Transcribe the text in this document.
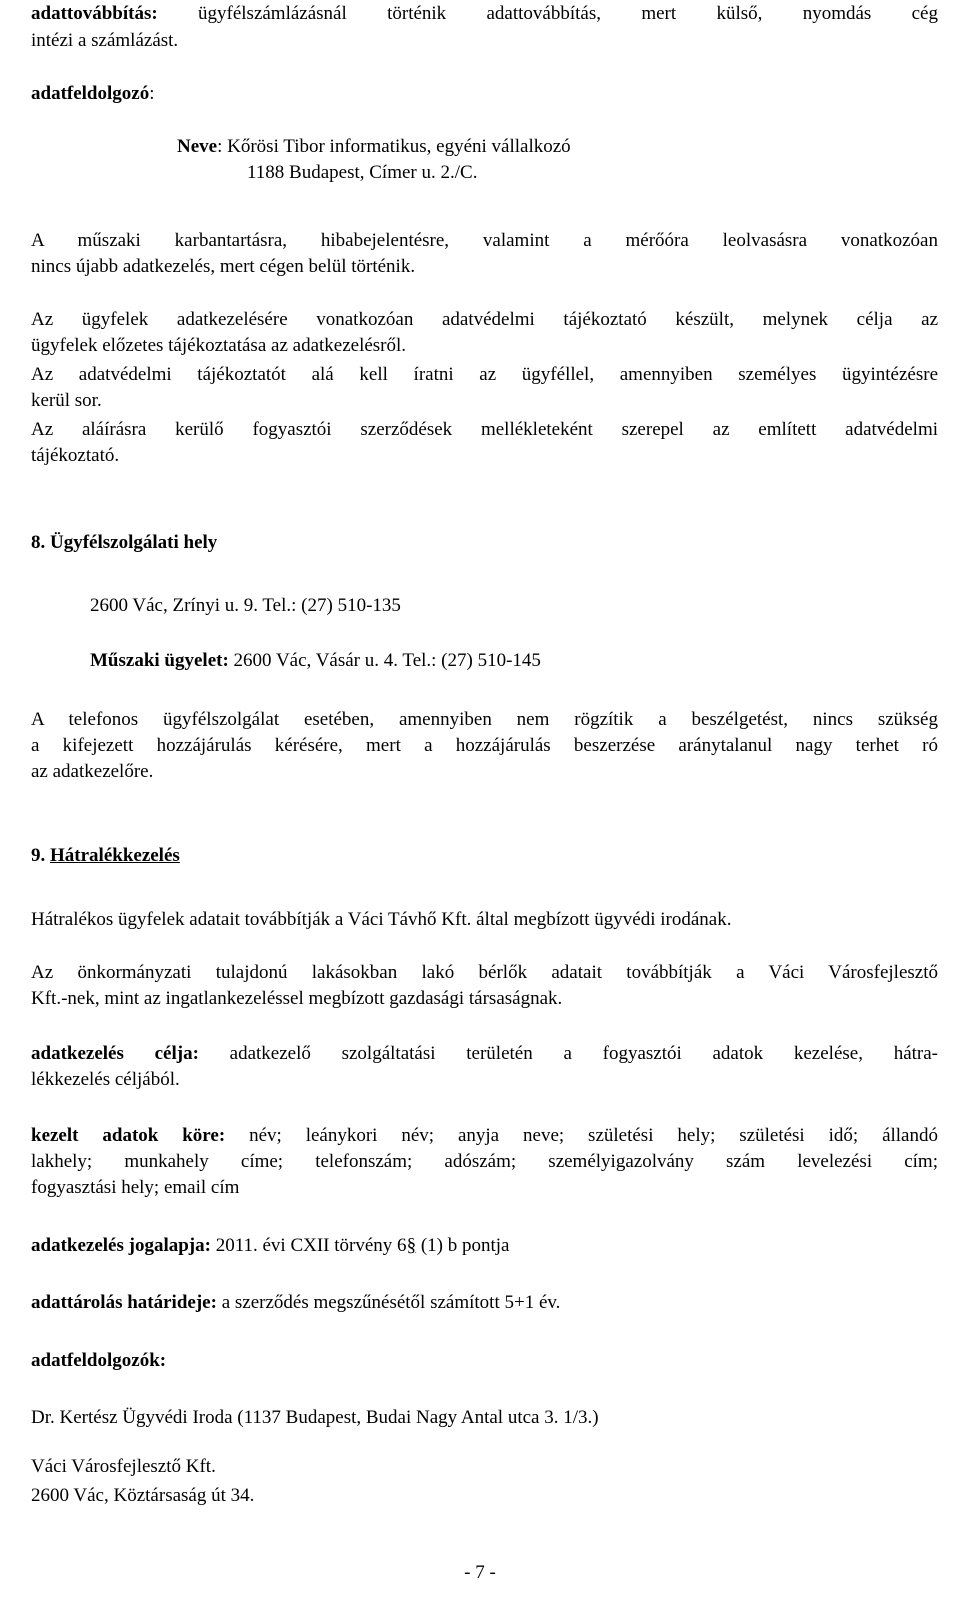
adattovábbítás: ügyfélszámlázásnál történik adattovábbítás, mert külső, nyomdás cég

intézi a számlázást.

adatfeldolgozó:

Neve: Kőrösi Tibor informatikus, egyéni vállalkozó

1188 Budapest, Címer u. 2./C.

A műszaki karbantartásra, hibabejelentésre, valamint a mérőóra leolvasásra vonatkozóan

nincs újabb adatkezelés, mert cégen belül történik.

Az ügyfelek adatkezelésére vonatkozóan adatvédelmi tájékoztató készült, melynek célja az

ügyfelek előzetes tájékoztatása az adatkezelésről.

Az adatvédelmi tájékoztatót alá kell íratni az ügyféllel, amennyiben személyes ügyintézésre

kerül sor.

Az aláírásra kerülő fogyasztói szerződések mellékleteként szerepel az említett adatvédelmi

tájékoztató.

8. Ügyfélszolgálati hely

2600 Vác, Zrínyi u. 9. Tel.: (27) 510-135

Műszaki ügyelet: 2600 Vác, Vásár u. 4. Tel.: (27) 510-145

A telefonos ügyfélszolgálat esetében, amennyiben nem rögzítik a beszélgetést, nincs szükség

a kifejezett hozzájárulás kérésére, mert a hozzájárulás beszerzése aránytalanul nagy terhet ró

az adatkezelőre.

9. Hátralékkezelés

Hátralékos ügyfelek adatait továbbítják a Váci Távhő Kft. által megbízott ügyvédi irodának.

Az önkormányzati tulajdonú lakásokban lakó bérlők adatait továbbítják a Váci Városfejlesztő

Kft.-nek, mint az ingatlankezeléssel megbízott gazdasági társaságnak.

adatkezelés célja: adatkezelő szolgáltatási területén a fogyasztói adatok kezelése, hátra-

lékkezelés céljából.

kezelt adatok köre: név; leánykori név; anyja neve; születési hely; születési idő; állandó

lakhely; munkahely címe; telefonszám; adószám; személyigazolvány szám levelezési cím;

fogyasztási hely; email cím

adatkezelés jogalapja: 2011. évi CXII törvény 6§ (1) b pontja

adattárolás határideje: a szerződés megszűnésétől számított 5+1 év.

adatfeldolgozók:

Dr. Kertész Ügyvédi Iroda (1137 Budapest, Budai Nagy Antal utca 3. 1/3.)

Váci Városfejlesztő Kft.

2600 Vác, Köztársaság út 34.

- 7 -
